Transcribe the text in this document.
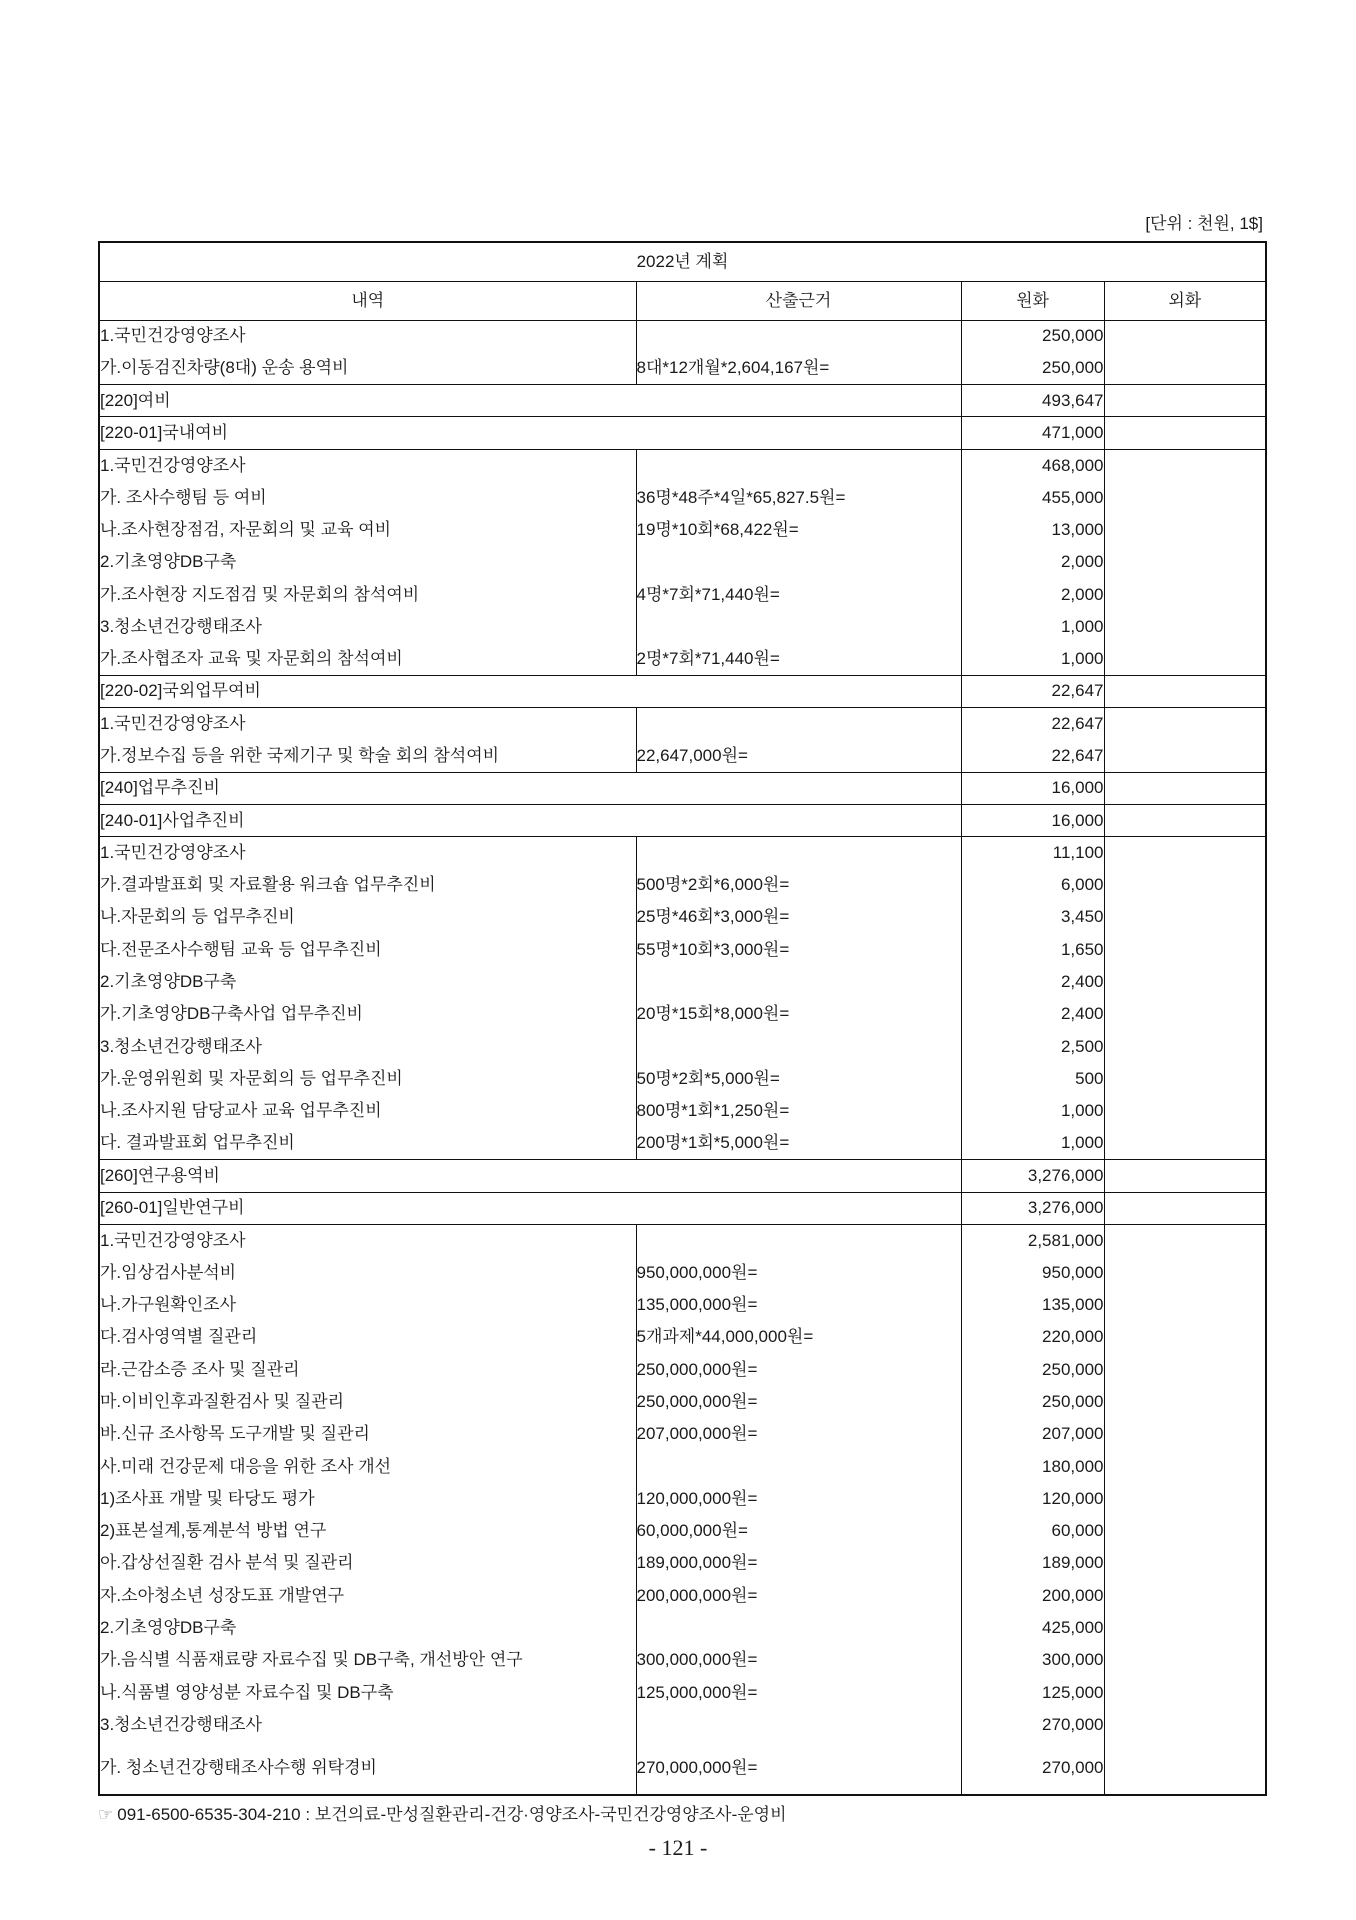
[단위 : 천원, 1$]
2022년 계획			
내역	산출근거	원화	외화
1.국민건강영양조사		250,000	
가.이동검진차량(8대) 운송 용역비	8대*12개월*2,604,167원=	250,000	
[220]여비		493,647	
[220-01]국내여비		471,000	
1.국민건강영양조사		468,000	
가. 조사수행팀 등 여비	36명*48주*4일*65,827.5원=	455,000	
나.조사현장점검, 자문회의 및 교육 여비	19명*10회*68,422원=	13,000	
2.기초영양DB구축		2,000	
가.조사현장 지도점검 및 자문회의 참석여비	4명*7회*71,440원=	2,000	
3.청소년건강행태조사		1,000	
가.조사협조자 교육 및 자문회의 참석여비	2명*7회*71,440원=	1,000	
[220-02]국외업무여비		22,647	
1.국민건강영양조사		22,647	
가.정보수집 등을 위한 국제기구 및 학술 회의 참석여비	22,647,000원=	22,647	
[240]업무추진비		16,000	
[240-01]사업추진비		16,000	
1.국민건강영양조사		11,100	
가.결과발표회 및 자료활용 워크숍 업무추진비	500명*2회*6,000원=	6,000	
나.자문회의 등 업무추진비	25명*46회*3,000원=	3,450	
다.전문조사수행팀 교육 등 업무추진비	55명*10회*3,000원=	1,650	
2.기초영양DB구축		2,400	
가.기초영양DB구축사업 업무추진비	20명*15회*8,000원=	2,400	
3.청소년건강행태조사		2,500	
가.운영위원회 및 자문회의 등 업무추진비	50명*2회*5,000원=	500	
나.조사지원 담당교사 교육 업무추진비	800명*1회*1,250원=	1,000	
다. 결과발표회 업무추진비	200명*1회*5,000원=	1,000	
[260]연구용역비		3,276,000	
[260-01]일반연구비		3,276,000	
1.국민건강영양조사		2,581,000	
가.임상검사분석비	950,000,000원=	950,000	
나.가구원확인조사	135,000,000원=	135,000	
다.검사영역별 질관리	5개과제*44,000,000원=	220,000	
라.근감소증 조사 및 질관리	250,000,000원=	250,000	
마.이비인후과질환검사 및 질관리	250,000,000원=	250,000	
바.신규 조사항목 도구개발 및 질관리	207,000,000원=	207,000	
사.미래 건강문제 대응을 위한 조사 개선		180,000	
1)조사표 개발 및 타당도 평가	120,000,000원=	120,000	
2)표본설계,통계분석 방법 연구	60,000,000원=	60,000	
아.갑상선질환 검사 분석 및 질관리	189,000,000원=	189,000	
자.소아청소년 성장도표 개발연구	200,000,000원=	200,000	
2.기초영양DB구축		425,000	
가.음식별 식품재료량 자료수집 및 DB구축, 개선방안 연구	300,000,000원=	300,000	
나.식품별 영양성분 자료수집 및 DB구축	125,000,000원=	125,000	
3.청소년건강행태조사		270,000	
가. 청소년건강행태조사수행 위탁경비	270,000,000원=	270,000	
☞ 091-6500-6535-304-210 : 보건의료-만성질환관리-건강·영양조사-국민건강영양조사-운영비
- 121 -
